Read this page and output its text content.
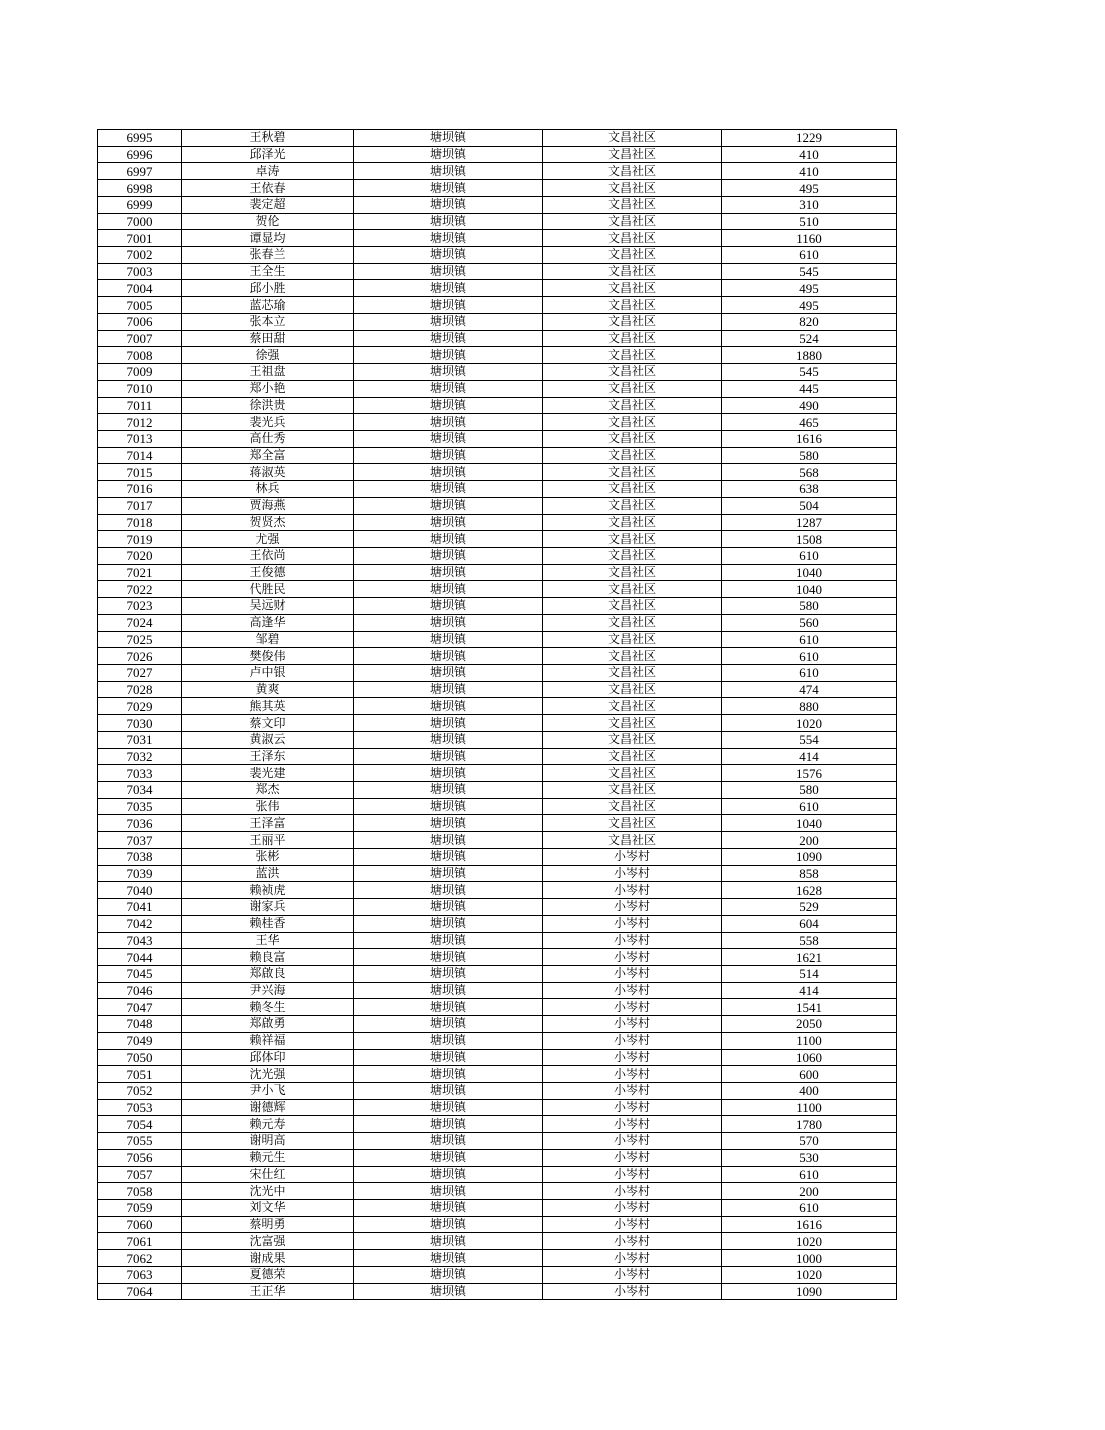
6995	王秋碧	塘坝镇	文昌社区	1229
6996	邱泽光	塘坝镇	文昌社区	410
6997	卓涛	塘坝镇	文昌社区	410
6998	王依春	塘坝镇	文昌社区	495
6999	裴定超	塘坝镇	文昌社区	310
7000	贺伦	塘坝镇	文昌社区	510
7001	谭显均	塘坝镇	文昌社区	1160
7002	张春兰	塘坝镇	文昌社区	610
7003	王全生	塘坝镇	文昌社区	545
7004	邱小胜	塘坝镇	文昌社区	495
7005	蓝芯瑜	塘坝镇	文昌社区	495
7006	张本立	塘坝镇	文昌社区	820
7007	蔡田甜	塘坝镇	文昌社区	524
7008	徐强	塘坝镇	文昌社区	1880
7009	王祖盘	塘坝镇	文昌社区	545
7010	郑小艳	塘坝镇	文昌社区	445
7011	徐洪贵	塘坝镇	文昌社区	490
7012	裴光兵	塘坝镇	文昌社区	465
7013	高仕秀	塘坝镇	文昌社区	1616
7014	郑全富	塘坝镇	文昌社区	580
7015	蒋淑英	塘坝镇	文昌社区	568
7016	林兵	塘坝镇	文昌社区	638
7017	贾海燕	塘坝镇	文昌社区	504
7018	贺贤杰	塘坝镇	文昌社区	1287
7019	尤强	塘坝镇	文昌社区	1508
7020	王依尚	塘坝镇	文昌社区	610
7021	王俊德	塘坝镇	文昌社区	1040
7022	代胜民	塘坝镇	文昌社区	1040
7023	吴远财	塘坝镇	文昌社区	580
7024	高逢华	塘坝镇	文昌社区	560
7025	邹碧	塘坝镇	文昌社区	610
7026	樊俊伟	塘坝镇	文昌社区	610
7027	卢中银	塘坝镇	文昌社区	610
7028	黄爽	塘坝镇	文昌社区	474
7029	熊其英	塘坝镇	文昌社区	880
7030	蔡文印	塘坝镇	文昌社区	1020
7031	黄淑云	塘坝镇	文昌社区	554
7032	王泽东	塘坝镇	文昌社区	414
7033	裴光建	塘坝镇	文昌社区	1576
7034	郑杰	塘坝镇	文昌社区	580
7035	张伟	塘坝镇	文昌社区	610
7036	王泽富	塘坝镇	文昌社区	1040
7037	王丽平	塘坝镇	文昌社区	200
7038	张彬	塘坝镇	小岑村	1090
7039	蓝洪	塘坝镇	小岑村	858
7040	赖祯虎	塘坝镇	小岑村	1628
7041	谢家兵	塘坝镇	小岑村	529
7042	赖桂香	塘坝镇	小岑村	604
7043	王华	塘坝镇	小岑村	558
7044	赖良富	塘坝镇	小岑村	1621
7045	郑啟良	塘坝镇	小岑村	514
7046	尹兴海	塘坝镇	小岑村	414
7047	赖冬生	塘坝镇	小岑村	1541
7048	郑啟勇	塘坝镇	小岑村	2050
7049	赖祥福	塘坝镇	小岑村	1100
7050	邱体印	塘坝镇	小岑村	1060
7051	沈光强	塘坝镇	小岑村	600
7052	尹小飞	塘坝镇	小岑村	400
7053	谢德辉	塘坝镇	小岑村	1100
7054	赖元寿	塘坝镇	小岑村	1780
7055	谢明高	塘坝镇	小岑村	570
7056	赖元生	塘坝镇	小岑村	530
7057	宋仕红	塘坝镇	小岑村	610
7058	沈光中	塘坝镇	小岑村	200
7059	刘文华	塘坝镇	小岑村	610
7060	蔡明勇	塘坝镇	小岑村	1616
7061	沈富强	塘坝镇	小岑村	1020
7062	谢成果	塘坝镇	小岑村	1000
7063	夏德荣	塘坝镇	小岑村	1020
7064	王正华	塘坝镇	小岑村	1090
